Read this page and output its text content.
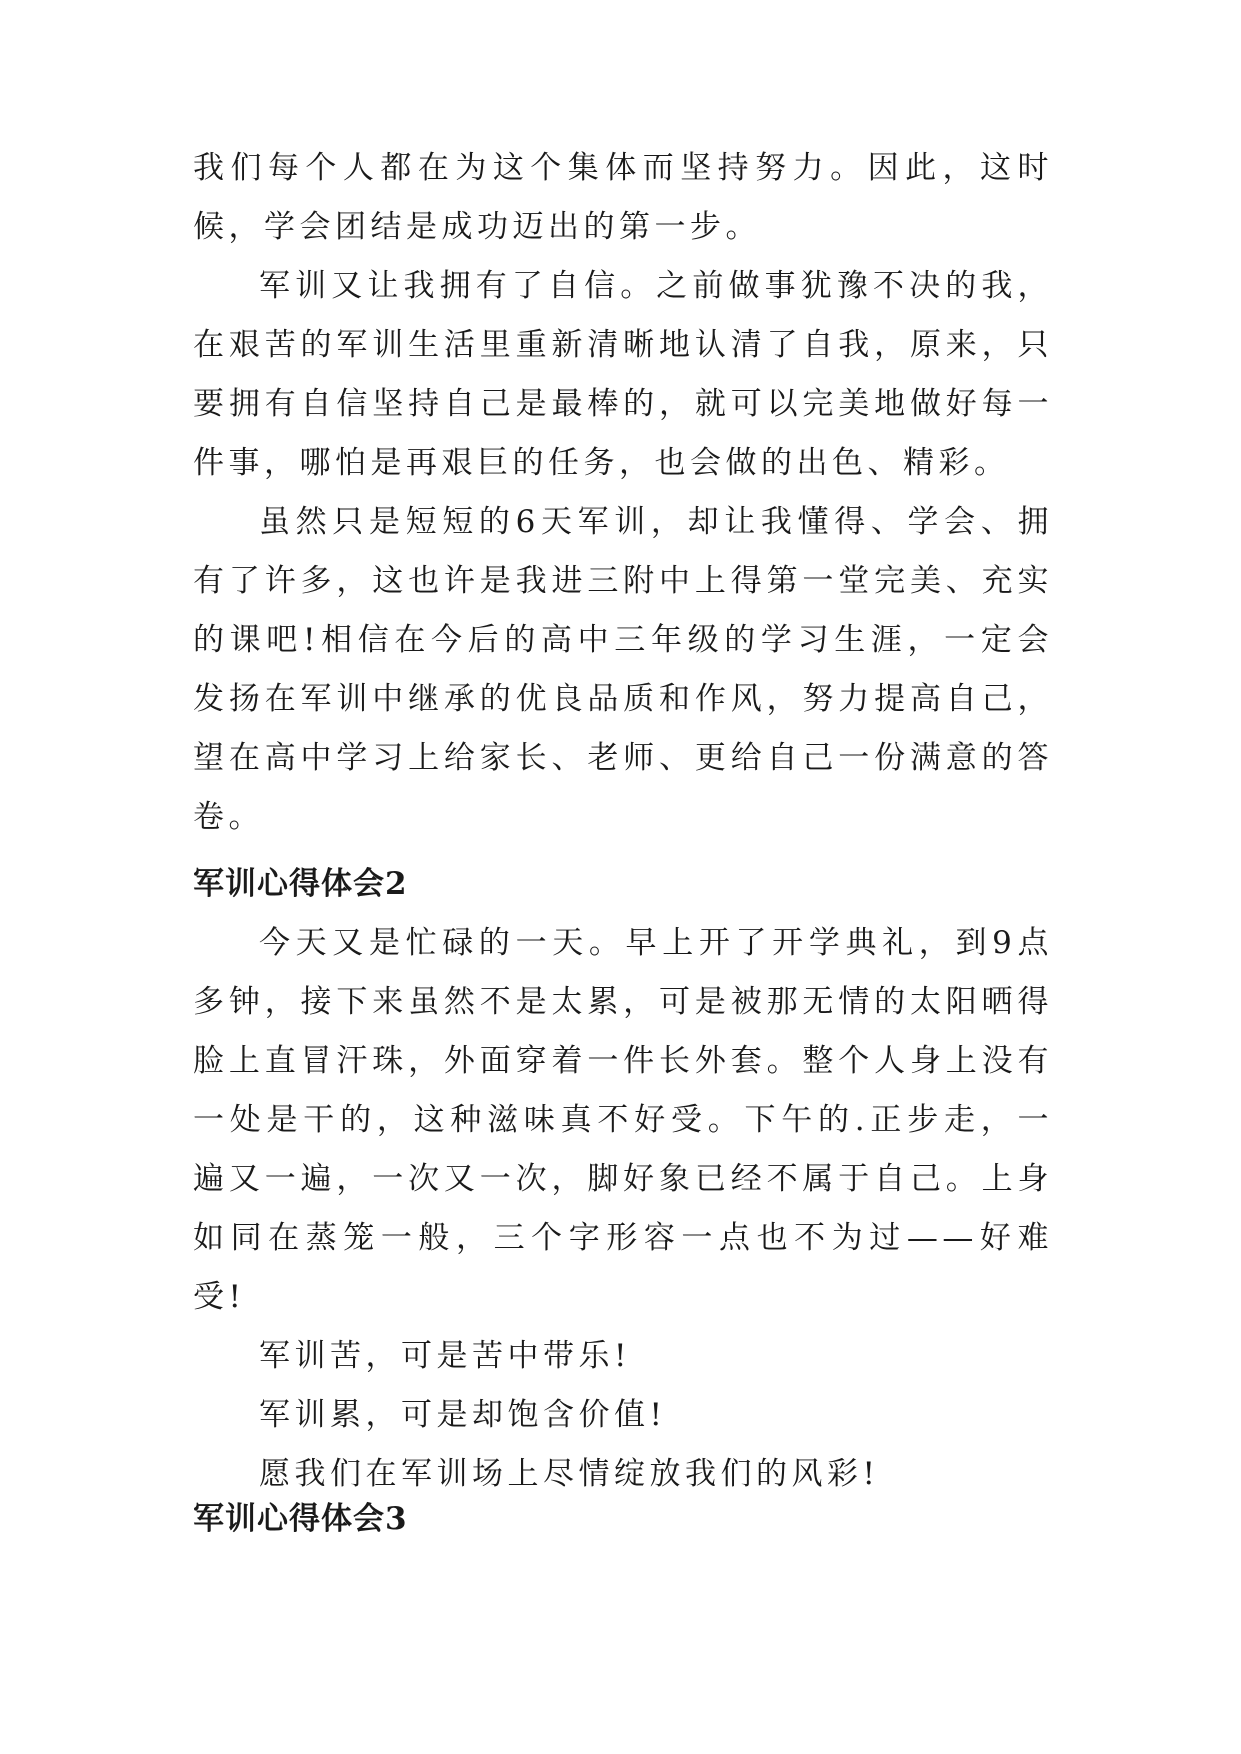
我们每个人都在为这个集体而坚持努力。因此，这时候，学会团结是成功迈出的第一步。

军训又让我拥有了自信。之前做事犹豫不决的我，在艰苦的军训生活里重新清晰地认清了自我，原来，只要拥有自信坚持自己是最棒的，就可以完美地做好每一件事，哪怕是再艰巨的任务，也会做的出色、精彩。

虽然只是短短的6天军训，却让我懂得、学会、拥有了许多，这也许是我进三附中上得第一堂完美、充实的课吧!相信在今后的高中三年级的学习生涯，一定会发扬在军训中继承的优良品质和作风，努力提高自己，望在高中学习上给家长、老师、更给自己一份满意的答卷。

军训心得体会2

今天又是忙碌的一天。早上开了开学典礼，到9点多钟，接下来虽然不是太累，可是被那无情的太阳晒得脸上直冒汗珠，外面穿着一件长外套。整个人身上没有一处是干的，这种滋味真不好受。下午的.正步走，一遍又一遍，一次又一次，脚好象已经不属于自己。上身如同在蒸笼一般，三个字形容一点也不为过——好难受!

军训苦，可是苦中带乐!

军训累，可是却饱含价值!

愿我们在军训场上尽情绽放我们的风彩!

军训心得体会3
